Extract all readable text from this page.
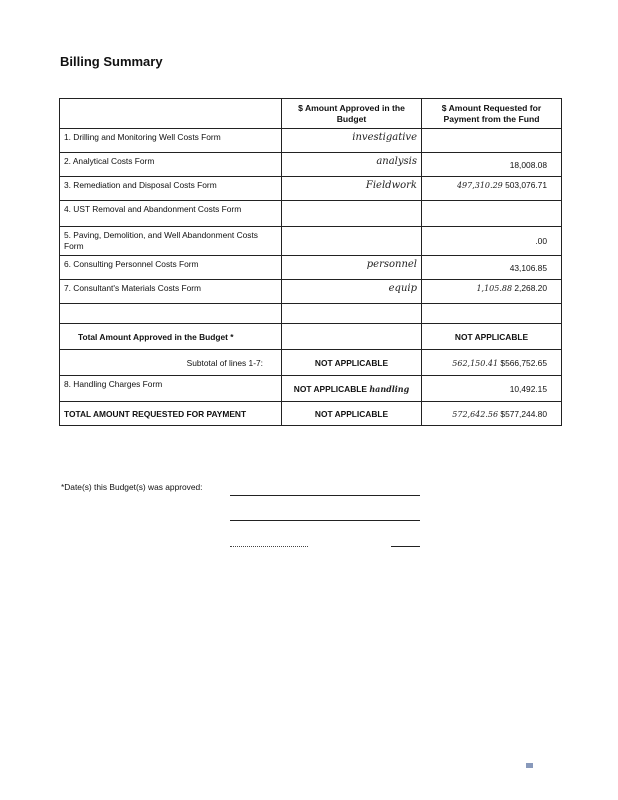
Billing Summary
	$ Amount Approved in the Budget	$ Amount Requested for Payment from the Fund
1. Drilling and Monitoring Well Costs Form	investigative	
2. Analytical Costs Form	analysis	18,008.08
3. Remediation and Disposal Costs Form	Fieldwork	497,310.29 503,076.71
4. UST Removal and Abandonment Costs Form		
5. Paving, Demolition, and Well Abandonment Costs Form		.00
6. Consulting Personnel Costs Form	personnel	43,106.85
7. Consultant's Materials Costs Form	equip	1,105.88 2,268.20

Total Amount Approved in the Budget *		NOT APPLICABLE
Subtotal of lines 1-7:	NOT APPLICABLE	562,150.41 $566,752.65
8. Handling Charges Form	NOT APPLICABLE handling	10,492.15
TOTAL AMOUNT REQUESTED FOR PAYMENT	NOT APPLICABLE	572,642.56 $577,244.80
*Date(s) this Budget(s) was approved:
